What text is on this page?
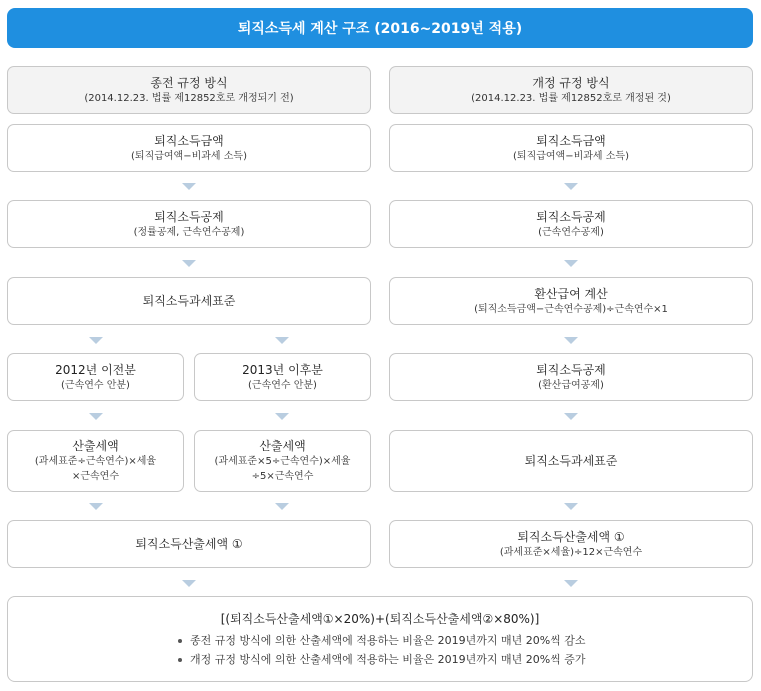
퇴직소득세 계산 구조 (2016~2019년 적용)
종전 규정 방식
(2014.12.23. 법률 제12852호로 개정되기 전)
퇴직소득금액
(퇴직급여액−비과세 소득)
퇴직소득공제
(정률공제, 근속연수공제)
퇴직소득과세표준
2012년 이전분
(근속연수 안분)
2013년 이후분
(근속연수 안분)
산출세액
(과세표준÷근속연수)×세율
×근속연수
산출세액
(과세표준×5÷근속연수)×세율
÷5×근속연수
퇴직소득산출세액 ①
개정 규정 방식
(2014.12.23. 법률 제12852호로 개정된 것)
퇴직소득금액
(퇴직급여액−비과세 소득)
퇴직소득공제
(근속연수공제)
환산급여 계산
(퇴직소득금액−근속연수공제)÷근속연수×1
퇴직소득공제
(환산급여공제)
퇴직소득과세표준
퇴직소득산출세액 ①
(과세표준×세율)÷12×근속연수
[(퇴직소득산출세액①×20%)+(퇴직소득산출세액②×80%)]
종전 규정 방식에 의한 산출세액에 적용하는 비율은 2019년까지 매년 20%씩 감소
개정 규정 방식에 의한 산출세액에 적용하는 비율은 2019년까지 매년 20%씩 증가
